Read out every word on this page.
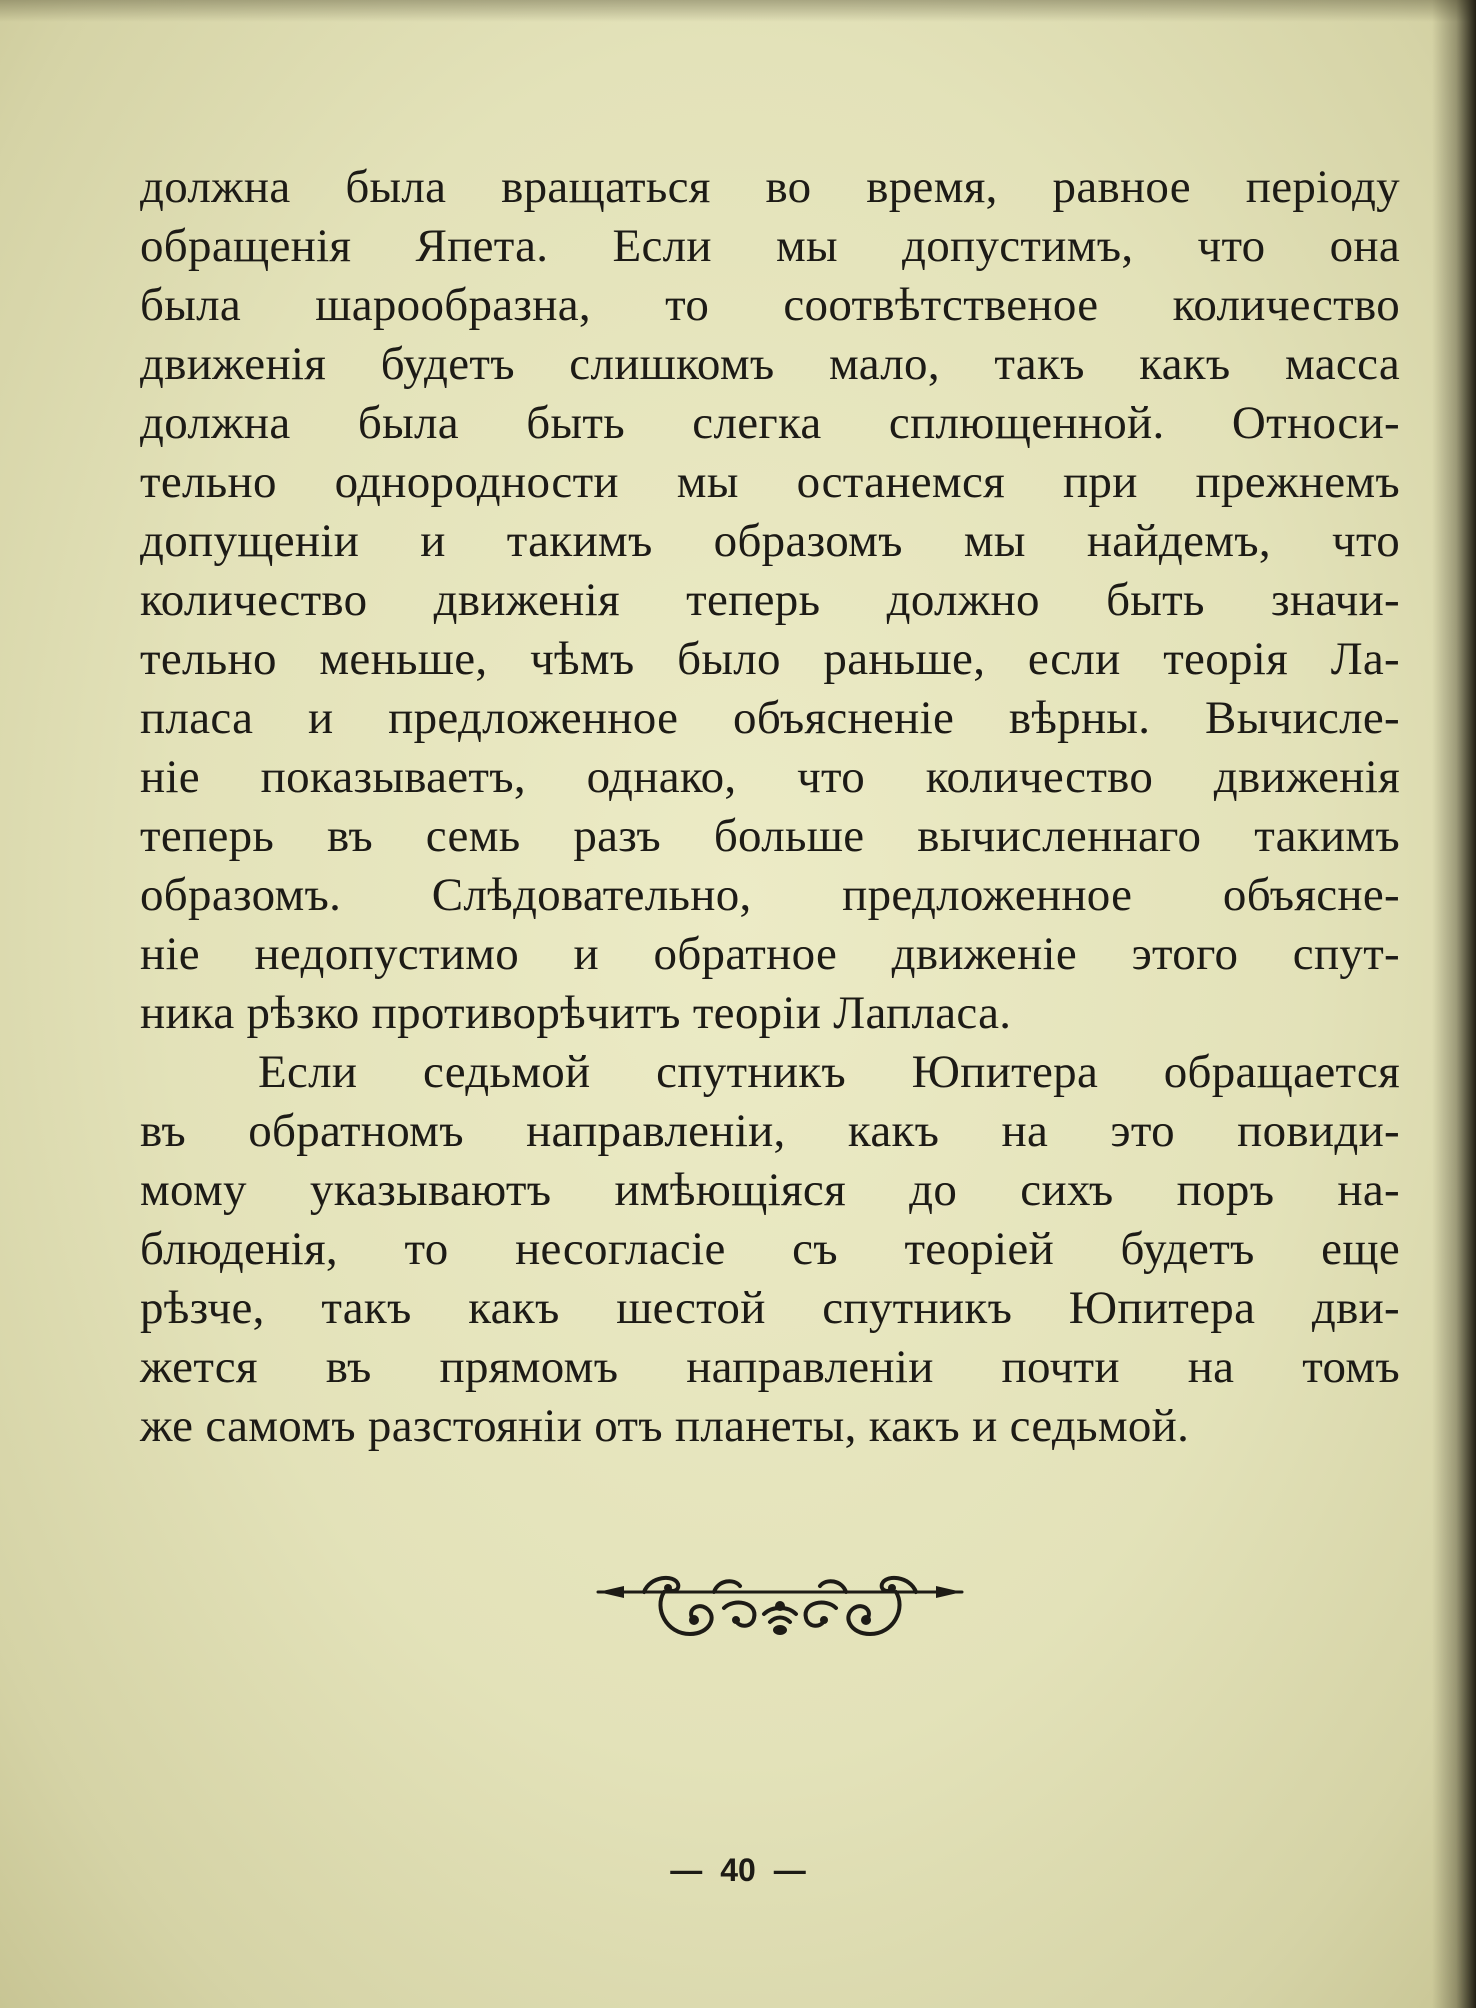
должна была вращаться во время, равное періоду
обращенія Япета. Если мы допустимъ, что она
была шарообразна, то соотвѣтственое количество
движенія будетъ слишкомъ мало, такъ какъ масса
должна была быть слегка сплющенной. Относи-
тельно однородности мы останемся при прежнемъ
допущеніи и такимъ образомъ мы найдемъ, что
количество движенія теперь должно быть значи-
тельно меньше, чѣмъ было раньше, если теорія Ла-
пласа и предложенное объясненіе вѣрны. Вычисле-
ніе показываетъ, однако, что количество движенія
теперь въ семь разъ больше вычисленнаго такимъ
образомъ. Слѣдовательно, предложенное объясне-
ніе недопустимо и обратное движеніе этого спут-
ника рѣзко противорѣчитъ теоріи Лапласа.
Если седьмой спутникъ Юпитера обращается
въ обратномъ направленіи, какъ на это повиди-
мому указываютъ имѣющіяся до сихъ поръ на-
блюденія, то несогласіе съ теоріей будетъ еще
рѣзче, такъ какъ шестой спутникъ Юпитера дви-
жется въ прямомъ направленіи почти на томъ
же самомъ разстояніи отъ планеты, какъ и седьмой.
— 40 —
